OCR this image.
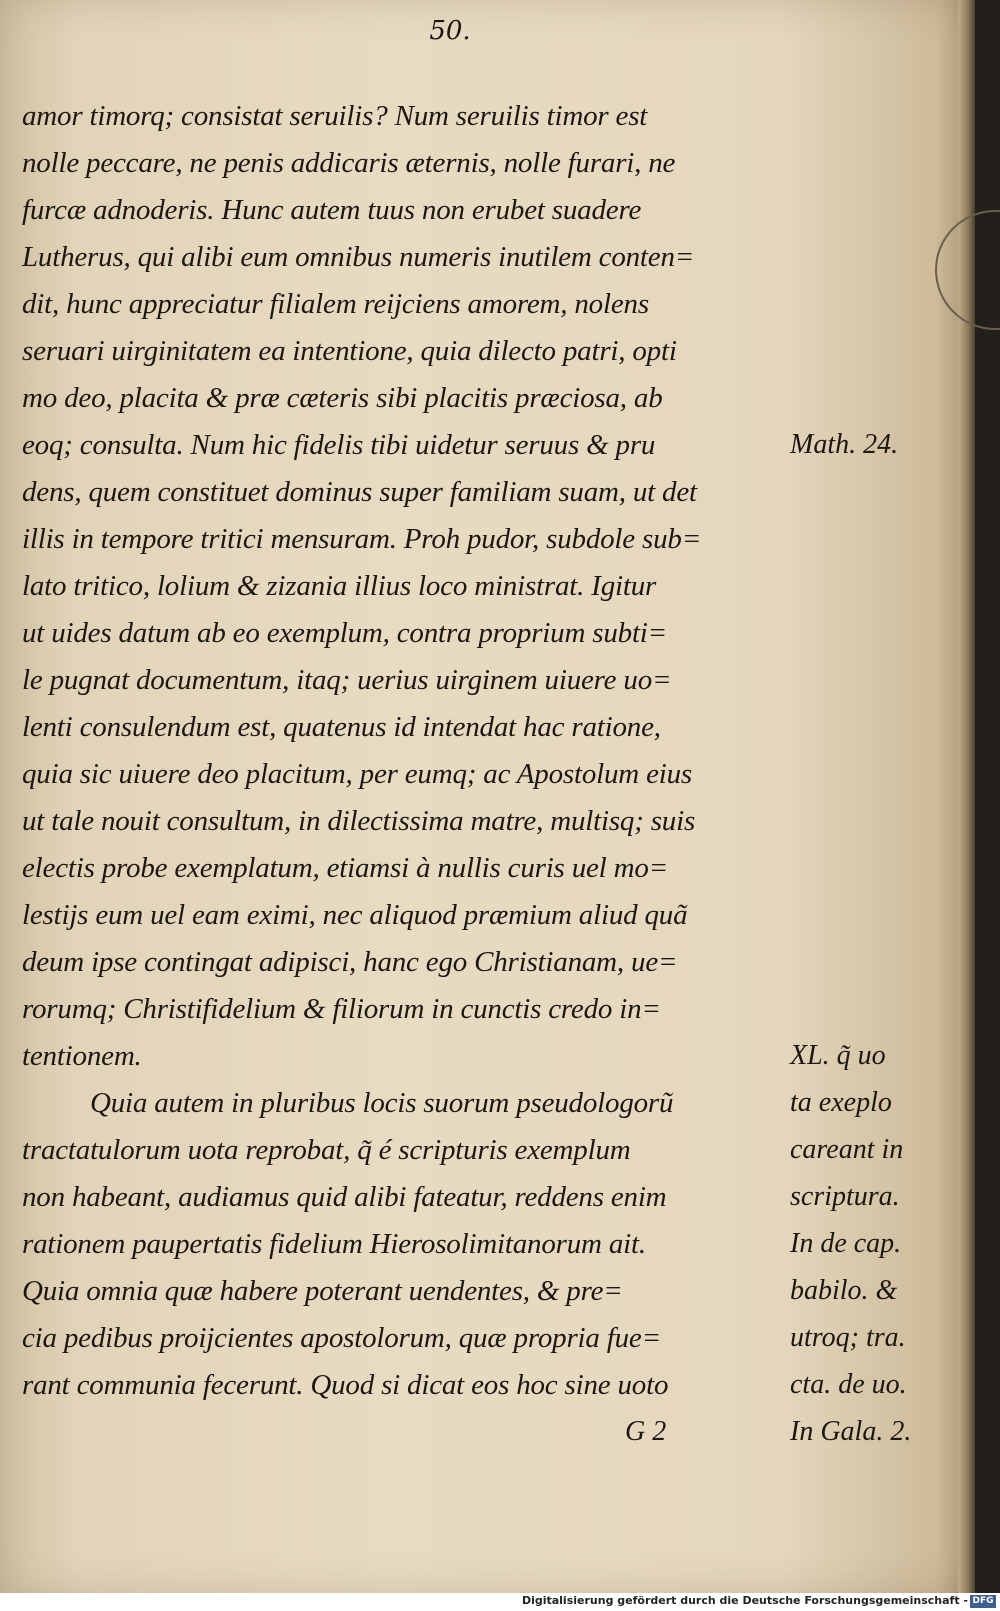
50.
amor timorq; consistat seruilis? Num seruilis timor est
nolle peccare, ne penis addicaris æternis, nolle furari, ne
furcæ adnoderis. Hunc autem tuus non erubet suadere
Lutherus, qui alibi eum omnibus numeris inutilem conten=
dit, hunc appreciatur filialem reijciens amorem, nolens
seruari uirginitatem ea intentione, quia dilecto patri, opti
mo deo, placita & præ cæteris sibi placitis præciosa, ab
eoq; consulta. Num hic fidelis tibi uidetur seruus & pru
dens, quem constituet dominus super familiam suam, ut det
illis in tempore tritici mensuram. Proh pudor, subdole sub=
lato tritico, lolium & zizania illius loco ministrat. Igitur
ut uides datum ab eo exemplum, contra proprium subti=
le pugnat documentum, itaq; uerius uirginem uiuere uo=
lenti consulendum est, quatenus id intendat hac ratione,
quia sic uiuere deo placitum, per eumq; ac Apostolum eius
ut tale nouit consultum, in dilectissima matre, multisq; suis
electis probe exemplatum, etiamsi à nullis curis uel mo=
lestijs eum uel eam eximi, nec aliquod præmium aliud quã
deum ipse contingat adipisci, hanc ego Christianam, ue=
rorumq; Christifidelium & filiorum in cunctis credo in=
tentionem.
Quia autem in pluribus locis suorum pseudologorũ
tractatulorum uota reprobat, q̃ é scripturis exemplum
non habeant, audiamus quid alibi fateatur, reddens enim
rationem paupertatis fidelium Hierosolimitanorum ait.
Quia omnia quæ habere poterant uendentes, & pre=
cia pedibus proijcientes apostolorum, quæ propria fue=
rant communia fecerunt. Quod si dicat eos hoc sine uoto
Math. 24.
XL. q̃ uo
ta exeplo
careant in
scriptura.
In de cap.
babilo. &
utroq; tra.
cta. de uo.
In Gala. 2.
G 2
Digitalisierung gefördert durch die Deutsche Forschungsgemeinschaft - DFG
